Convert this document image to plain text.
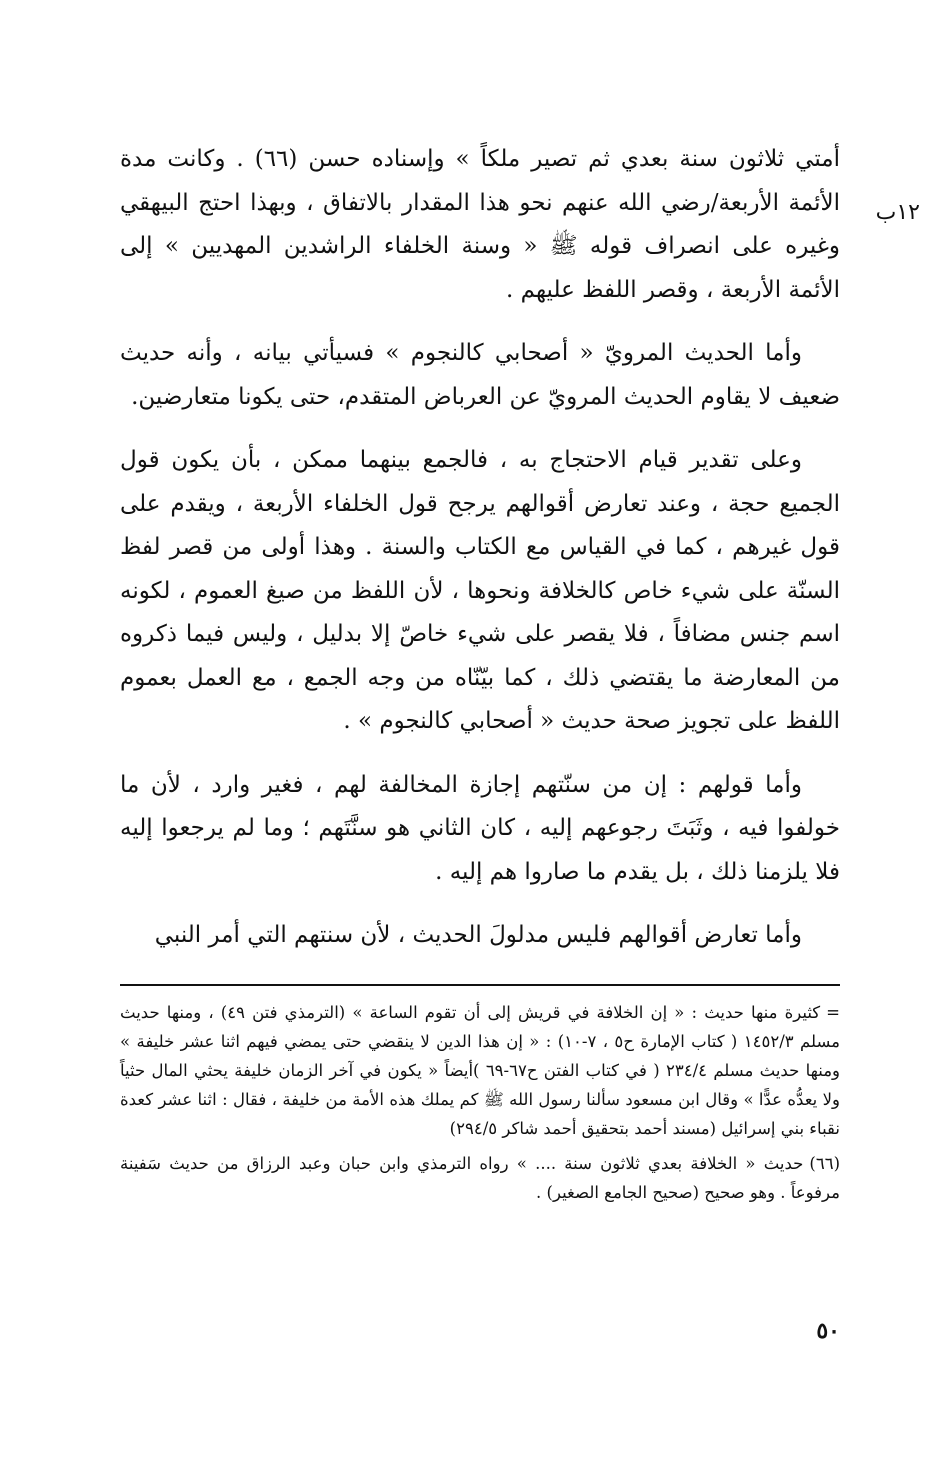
١٢ب

أمتي ثلاثون سنة بعدي ثم تصير ملكاً » وإسناده حسن (٦٦) . وكانت مدة الأئمة الأربعة/رضي الله عنهم نحو هذا المقدار بالاتفاق ، وبهذا احتج البيهقي وغيره على انصراف قوله ﷺ « وسنة الخلفاء الراشدين المهديين » إلى الأئمة الأربعة ، وقصر اللفظ عليهم .

وأما الحديث المرويّ « أصحابي كالنجوم » فسيأتي بيانه ، وأنه حديث ضعيف لا يقاوم الحديث المرويّ عن العرباض المتقدم، حتى يكونا متعارضين.

وعلى تقدير قيام الاحتجاج به ، فالجمع بينهما ممكن ، بأن يكون قول الجميع حجة ، وعند تعارض أقوالهم يرجح قول الخلفاء الأربعة ، ويقدم على قول غيرهم ، كما في القياس مع الكتاب والسنة . وهذا أولى من قصر لفظ السنّة على شيء خاص كالخلافة ونحوها ، لأن اللفظ من صيغ العموم ، لكونه اسم جنس مضافاً ، فلا يقصر على شيء خاصّ إلا بدليل ، وليس فيما ذكروه من المعارضة ما يقتضي ذلك ، كما بيّنّاه من وجه الجمع ، مع العمل بعموم اللفظ على تجويز صحة حديث « أصحابي كالنجوم » .

وأما قولهم : إن من سنّتهم إجازة المخالفة لهم ، فغير وارد ، لأن ما خولفوا فيه ، وثَبَتَ رجوعهم إليه ، كان الثاني هو سنَّتَهم ؛ وما لم يرجعوا إليه فلا يلزمنا ذلك ، بل يقدم ما صاروا هم إليه .

وأما تعارض أقوالهم فليس مدلولَ الحديث ، لأن سنتهم التي أمر النبي

=كثيرة منها حديث : « إن الخلافة في قريش إلى أن تقوم الساعة » (الترمذي فتن ٤٩) ، ومنها حديث مسلم ١٤٥٢/٣ ( كتاب الإمارة ح٥ ، ٧-١٠) : « إن هذا الدين لا ينقضي حتى يمضي فيهم اثنا عشر خليفة » ومنها حديث مسلم ٢٣٤/٤ ( في كتاب الفتن ح٦٧-٦٩ )أيضاً « يكون في آخر الزمان خليفة يحثي المال حثياً ولا يعدُّه عدًّا » وقال ابن مسعود سألنا رسول الله ﷺ كم يملك هذه الأمة من خليفة ، فقال : اثنا عشر كعدة نقباء بني إسرائيل (مسند أحمد بتحقيق أحمد شاكر ٢٩٤/٥)

(٦٦)حديث « الخلافة بعدي ثلاثون سنة .... » رواه الترمذي وابن حبان وعبد الرزاق من حديث سَفينة مرفوعاً . وهو صحيح (صحيح الجامع الصغير) .

٥٠
